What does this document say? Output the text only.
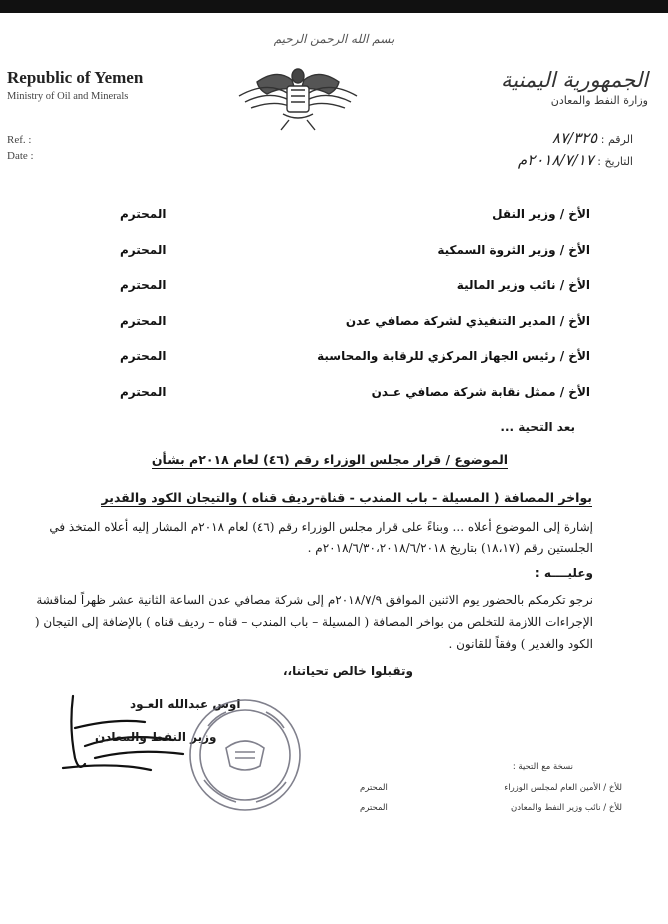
بسم الله الرحمن الرحيم
Republic of Yemen
Ministry of Oil and Minerals
الجمهورية اليمنية
وزارة النفط والمعادن
Ref. :
Date :
الرقم : ٨٧/٣٢٥
التاريخ : ٢٠١٨/٧/١٧م
الأخ / وزير النقل
المحترم
الأخ / وزير الثروة السمكية
المحترم
الأخ / نائب وزير المالية
المحترم
الأخ / المدير التنفيذي لشركة مصافي عدن
المحترم
الأخ / رئيس الجهاز المركزي للرقابة والمحاسبة
المحترم
الأخ / ممثل نقابة شركة مصافي عـدن
المحترم
بعد التحية ...
الموضوع / قرار مجلس الوزراء رقم (٤٦) لعام ٢٠١٨م بشأن
بواخر المصافة ( المسيلة - باب المندب - قناة-رديف قناه ) والتيجان الكود والقدير
إشارة إلى الموضوع أعلاه ... وبناءً على قرار مجلس الوزراء رقم (٤٦) لعام ٢٠١٨م المشار إليه أعلاه المتخذ في الجلستين رقم (١٨،١٧) بتاريخ ٢٠١٨/٦/٣٠،٢٠١٨/٦/٢٠١٨م .
وعليــــه :
نرجو تكرمكم بالحضور يوم الاثنين الموافق ٢٠١٨/٧/٩م إلى شركة مصافي عدن الساعة الثانية عشر ظهراً لمناقشة الإجراءات اللازمة للتخلص من بواخر المصافة ( المسيلة – باب المندب – قناه – رديف قناه ) بالإضافة إلى التيجان ( الكود والغدير ) وفقاً للقانون .
وتقبلوا خالص تحياتنا،،
اوس عبدالله العـود
وزير النفط والمعادن
نسخة مع التحية :
للأخ / الأمين العام لمجلس الوزراء
المحترم
للأخ / نائب وزير النفط والمعادن
المحترم
